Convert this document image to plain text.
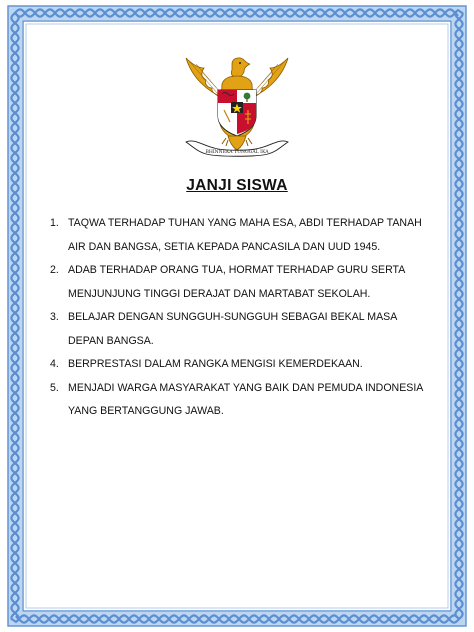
BHINNEKA TUNGGAL IKA
JANJI SISWA
1. TAQWA TERHADAP TUHAN YANG MAHA ESA, ABDI TERHADAP TANAH AIR DAN BANGSA, SETIA KEPADA PANCASILA DAN UUD 1945.
2. ADAB TERHADAP ORANG TUA, HORMAT TERHADAP GURU SERTA MENJUNJUNG TINGGI DERAJAT DAN MARTABAT SEKOLAH.
3. BELAJAR DENGAN SUNGGUH-SUNGGUH SEBAGAI BEKAL MASA DEPAN BANGSA.
4. BERPRESTASI DALAM RANGKA MENGISI KEMERDEKAAN.
5. MENJADI WARGA MASYARAKAT YANG BAIK DAN PEMUDA INDONESIA YANG BERTANGGUNG JAWAB.
